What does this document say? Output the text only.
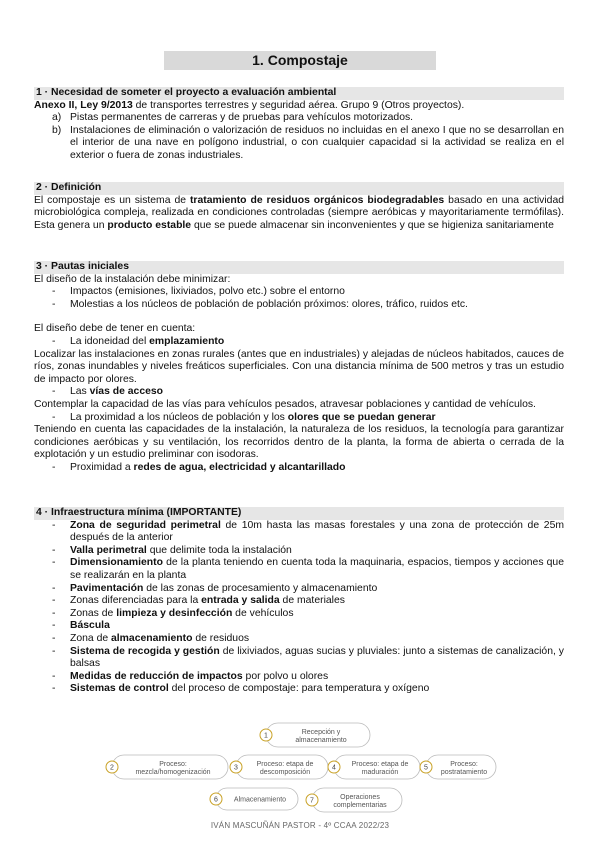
1. Compostaje
1 · Necesidad de someter el proyecto a evaluación ambiental

Anexo II, Ley 9/2013 de transportes terrestres y seguridad aérea. Grupo 9 (Otros proyectos).

a) Pistas permanentes de carreras y de pruebas para vehículos motorizados.
b) Instalaciones de eliminación o valorización de residuos no incluidas en el anexo I que no se desarrollan en el interior de una nave en polígono industrial, o con cualquier capacidad si la actividad se realiza en el exterior o fuera de zonas industriales.
2 · Definición

El compostaje es un sistema de tratamiento de residuos orgánicos biodegradables basado en una actividad microbiológica compleja, realizada en condiciones controladas (siempre aeróbicas y mayoritariamente termófilas). Esta genera un producto estable que se puede almacenar sin inconvenientes y que se higieniza sanitariamente

3 · Pautas iniciales

El diseño de la instalación debe minimizar:

- Impactos (emisiones, lixiviados, polvo etc.) sobre el entorno
- Molestias a los núcleos de población de población próximos: olores, tráfico, ruidos etc.

El diseño debe de tener en cuenta:

- La idoneidad del emplazamiento

Localizar las instalaciones en zonas rurales (antes que en industriales) y alejadas de núcleos habitados, cauces de ríos, zonas inundables y niveles freáticos superficiales. Con una distancia mínima de 500 metros y tras un estudio de impacto por olores.

- Las vías de acceso

Contemplar la capacidad de las vías para vehículos pesados, atravesar poblaciones y cantidad de vehículos.

- La proximidad a los núcleos de población y los olores que se puedan generar

Teniendo en cuenta las capacidades de la instalación, la naturaleza de los residuos, la tecnología para garantizar condiciones aeróbicas y su ventilación, los recorridos dentro de la planta, la forma de abierta o cerrada de la explotación y un estudio preliminar con isodoras.

- Proximidad a redes de agua, electricidad y alcantarillado
4 · Infraestructura mínima (IMPORTANTE)
- Zona de seguridad perimetral de 10m hasta las masas forestales y una zona de protección de 25m después de la anterior
- Valla perimetral que delimite toda la instalación
- Dimensionamiento de la planta teniendo en cuenta toda la maquinaria, espacios, tiempos y acciones que se realizarán en la planta
- Pavimentación de las zonas de procesamiento y almacenamiento
- Zonas diferenciadas para la entrada y salida de materiales
- Zonas de limpieza y desinfección de vehículos
- Báscula
- Zona de almacenamiento de residuos
- Sistema de recogida y gestión de lixiviados, aguas sucias y pluviales: junto a sistemas de canalización, y balsas
- Medidas de reducción de impactos por polvo u olores
- Sistemas de control del proceso de compostaje: para temperatura y oxígeno
1	Recepción y
almacenamiento
2	Proceso:
mezcla/homogenización
3	Proceso: etapa de
descomposición
4 Proceso: etapa de
maduración
5	Proceso:
postratamiento
6 Almacenamiento	7	Operaciones
complementarias
IVÁN MASCUÑÁN PASTOR - 4º CCAA 2022/23
